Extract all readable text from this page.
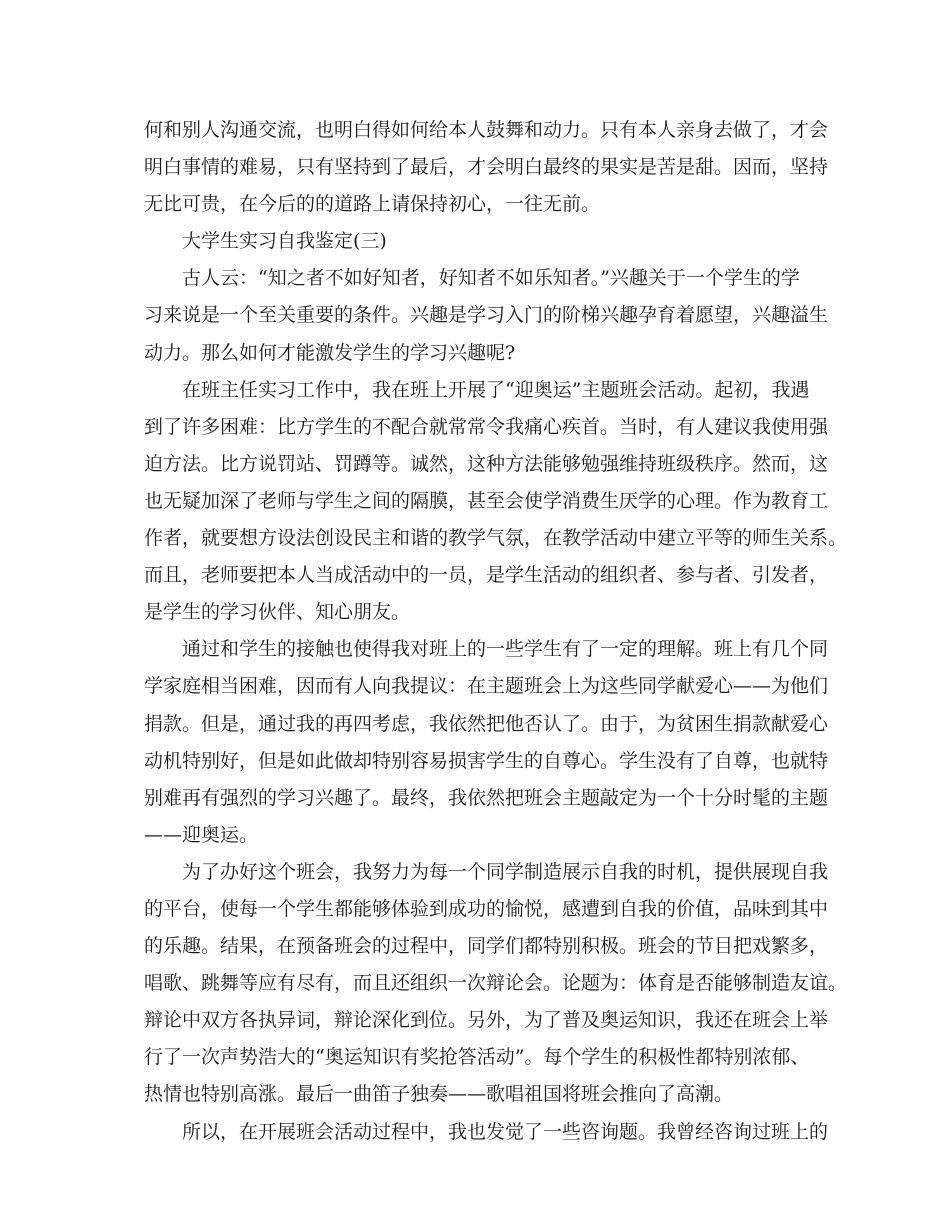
何和别人沟通交流，也明白得如何给本人鼓舞和动力。只有本人亲身去做了，才会
明白事情的难易，只有坚持到了最后，才会明白最终的果实是苦是甜。因而，坚持
无比可贵，在今后的的道路上请保持初心，一往无前。
大学生实习自我鉴定(三)
古人云：“知之者不如好知者，好知者不如乐知者。”兴趣关于一个学生的学
习来说是一个至关重要的条件。兴趣是学习入门的阶梯兴趣孕育着愿望，兴趣溢生
动力。那么如何才能激发学生的学习兴趣呢?
在班主任实习工作中，我在班上开展了“迎奥运”主题班会活动。起初，我遇
到了许多困难：比方学生的不配合就常常令我痛心疾首。当时，有人建议我使用强
迫方法。比方说罚站、罚蹲等。诚然，这种方法能够勉强维持班级秩序。然而，这
也无疑加深了老师与学生之间的隔膜，甚至会使学消费生厌学的心理。作为教育工
作者，就要想方设法创设民主和谐的教学气氛，在教学活动中建立平等的师生关系。
而且，老师要把本人当成活动中的一员，是学生活动的组织者、参与者、引发者，
是学生的学习伙伴、知心朋友。
通过和学生的接触也使得我对班上的一些学生有了一定的理解。班上有几个同
学家庭相当困难，因而有人向我提议：在主题班会上为这些同学献爱心——为他们
捐款。但是，通过我的再四考虑，我依然把他否认了。由于，为贫困生捐款献爱心
动机特别好，但是如此做却特别容易损害学生的自尊心。学生没有了自尊，也就特
别难再有强烈的学习兴趣了。最终，我依然把班会主题敲定为一个十分时髦的主题
——迎奥运。
为了办好这个班会，我努力为每一个同学制造展示自我的时机，提供展现自我
的平台，使每一个学生都能够体验到成功的愉悦，感遭到自我的价值，品味到其中
的乐趣。结果，在预备班会的过程中，同学们都特别积极。班会的节目把戏繁多，
唱歌、跳舞等应有尽有，而且还组织一次辩论会。论题为：体育是否能够制造友谊。
辩论中双方各执异词，辩论深化到位。另外，为了普及奥运知识，我还在班会上举
行了一次声势浩大的“奥运知识有奖抢答活动”。每个学生的积极性都特别浓郁、
热情也特别高涨。最后一曲笛子独奏——歌唱祖国将班会推向了高潮。
所以，在开展班会活动过程中，我也发觉了一些咨询题。我曾经咨询过班上的
